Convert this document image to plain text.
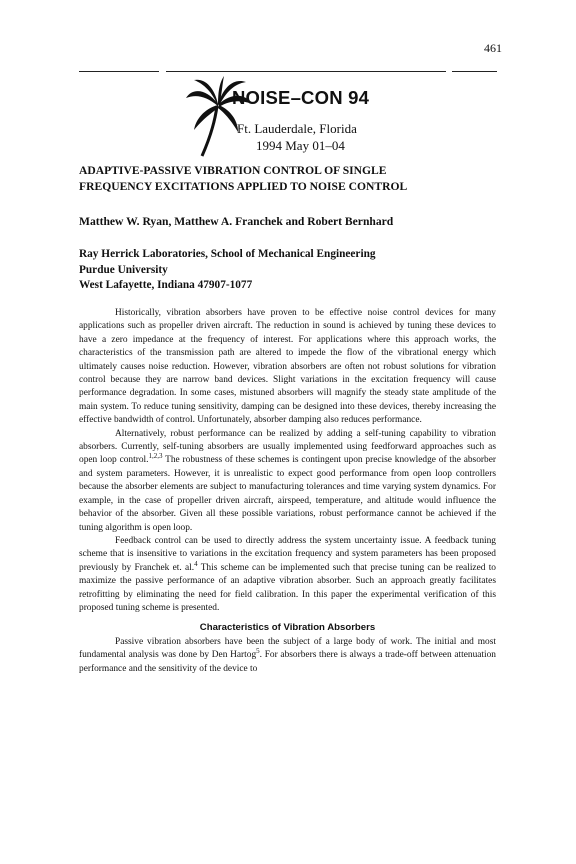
461
NOISE–CON 94
Ft. Lauderdale, Florida
1994 May 01–04
ADAPTIVE-PASSIVE VIBRATION CONTROL OF SINGLE
FREQUENCY EXCITATIONS APPLIED TO NOISE CONTROL
Matthew W. Ryan, Matthew A. Franchek and Robert Bernhard
Ray Herrick Laboratories, School of Mechanical Engineering
Purdue University
West Lafayette, Indiana 47907-1077

Historically, vibration absorbers have proven to be effective noise control devices for many applications such as propeller driven aircraft. The reduction in sound is achieved by tuning these devices to have a zero impedance at the frequency of interest. For applications where this approach works, the characteristics of the transmission path are altered to impede the flow of the vibrational energy which ultimately causes noise reduction. However, vibration absorbers are often not robust solutions for vibration control because they are narrow band devices. Slight variations in the excitation frequency will cause performance degradation. In some cases, mistuned absorbers will magnify the steady state amplitude of the main system. To reduce tuning sensitivity, damping can be designed into these devices, thereby increasing the effective bandwidth of control. Unfortunately, absorber damping also reduces performance.

Alternatively, robust performance can be realized by adding a self-tuning capability to vibration absorbers. Currently, self-tuning absorbers are usually implemented using feedforward approaches such as open loop control.$^{1,2,3}$ The robustness of these schemes is contingent upon precise knowledge of the absorber and system parameters. However, it is unrealistic to expect good performance from open loop controllers because the absorber elements are subject to manufacturing tolerances and time varying system dynamics. For example, in the case of propeller driven aircraft, airspeed, temperature, and altitude would influence the behavior of the absorber. Given all these possible variations, robust performance cannot be achieved if the tuning algorithm is open loop.

Feedback control can be used to directly address the system uncertainty issue. A feedback tuning scheme that is insensitive to variations in the excitation frequency and system parameters has been proposed previously by Franchek et. al.$^4$ This scheme can be implemented such that precise tuning can be realized to maximize the passive performance of an adaptive vibration absorber. Such an approach greatly facilitates retrofitting by eliminating the need for field calibration. In this paper the experimental verification of this proposed tuning scheme is presented.

Characteristics of Vibration Absorbers

Passive vibration absorbers have been the subject of a large body of work. The initial and most fundamental analysis was done by Den Hartog$^5$. For absorbers there is always a trade-off between attenuation performance and the sensitivity of the device to
